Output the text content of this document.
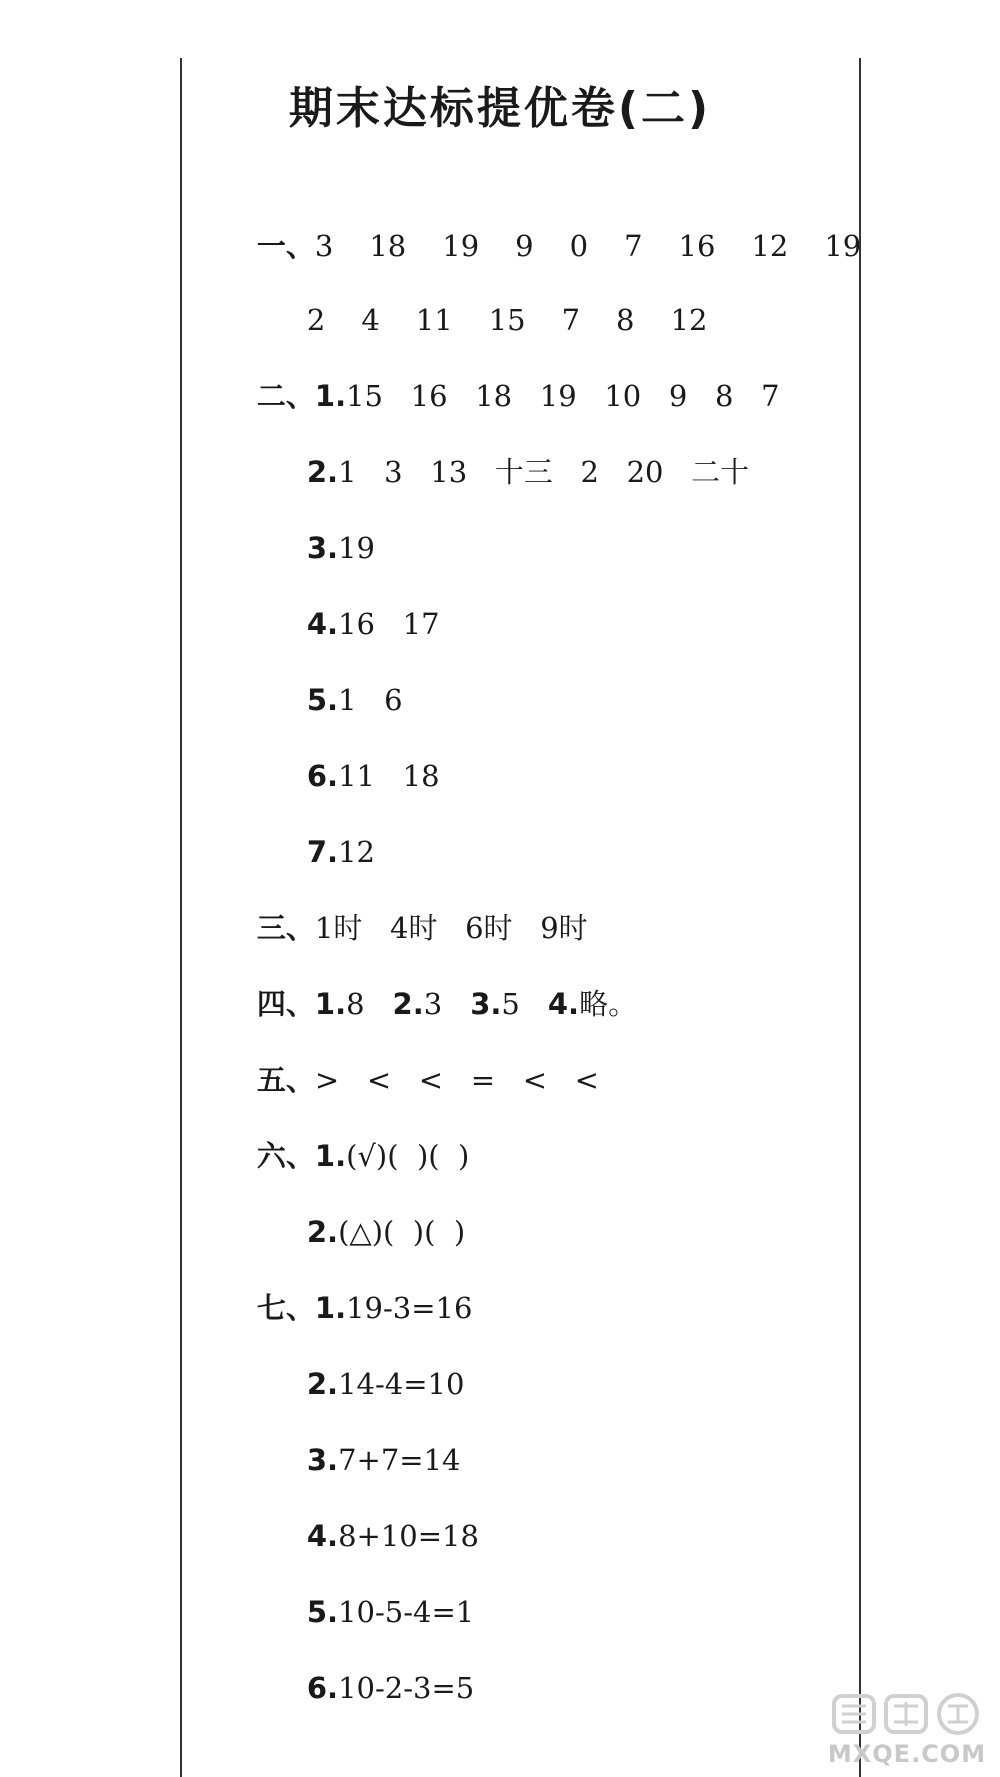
期末达标提优卷(二)

一、3 18 19 9 0 7 16 12 19

2 4 11 15 7 8 12

二、1.15   16   18   19   10   9   8   7

2.1   3   13   十三   2   20   二十

3.19

4.16   17

5.1   6

6.11   18

7.12

三、1时   4时   6时   9时

四、1.8 2.3 3.5 4.略。

五、>   <   <   =   <   <

六、1.(√)(  )(  )

2.(△)(  )(  )

七、1.19-3=16

2.14-4=10

3.7+7=14

4.8+10=18

5.10-5-4=1

6.10-2-3=5

MXQE.COM
